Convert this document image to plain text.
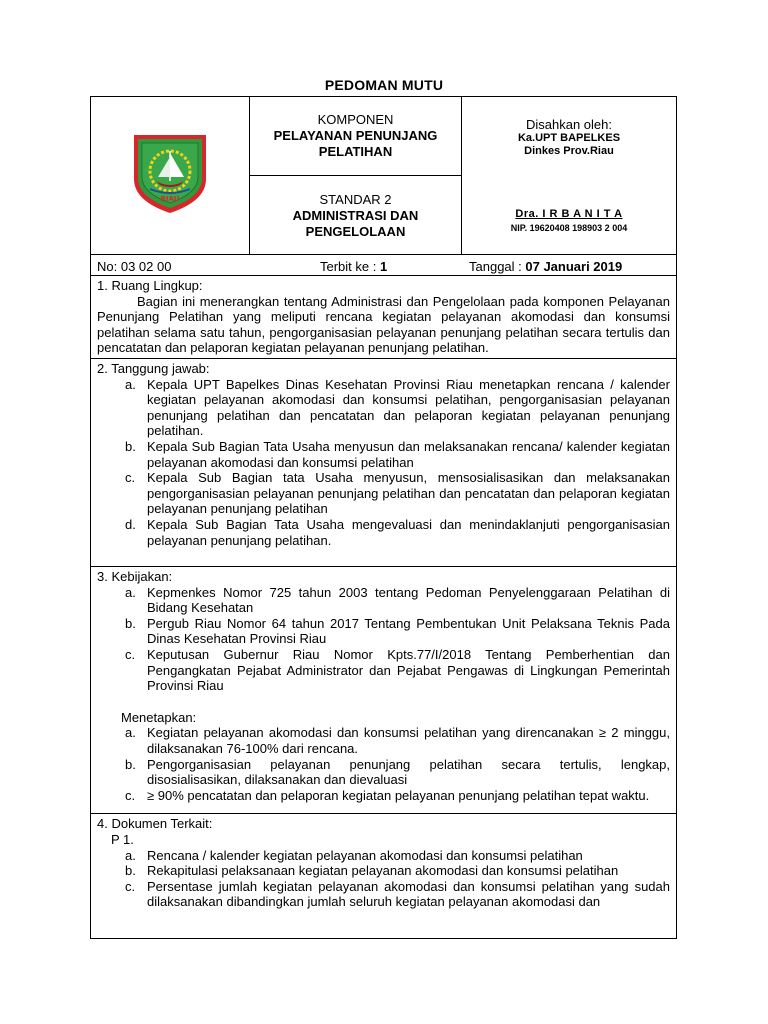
PEDOMAN MUTU
RIAU
KOMPONEN
PELAYANAN PENUNJANG
PELATIHAN
STANDAR 2
ADMINISTRASI DAN
PENGELOLAAN
Disahkan oleh:
Ka.UPT BAPELKES
Dinkes Prov.Riau
Dra. I R B A N I T A
NIP. 19620408 198903 2 004
No: 03 02 00	Terbit ke : 1	Tanggal : 07 Januari 2019
1. Ruang Lingkup:
Bagian ini menerangkan tentang Administrasi dan Pengelolaan pada komponen Pelayanan Penunjang Pelatihan yang meliputi rencana kegiatan pelayanan akomodasi dan konsumsi pelatihan selama satu tahun, pengorganisasian pelayanan penunjang pelatihan secara tertulis dan pencatatan dan pelaporan kegiatan pelayanan penunjang pelatihan.
2. Tanggung jawab:
a. Kepala UPT Bapelkes Dinas Kesehatan Provinsi Riau menetapkan rencana / kalender kegiatan pelayanan akomodasi dan konsumsi pelatihan, pengorganisasian pelayanan penunjang pelatihan dan pencatatan dan pelaporan kegiatan pelayanan penunjang pelatihan.
b. Kepala Sub Bagian Tata Usaha menyusun dan melaksanakan rencana/ kalender kegiatan pelayanan akomodasi dan konsumsi pelatihan
c. Kepala Sub Bagian tata Usaha menyusun, mensosialisasikan dan melaksanakan pengorganisasian pelayanan penunjang pelatihan dan pencatatan dan pelaporan kegiatan pelayanan penunjang pelatihan
d. Kepala Sub Bagian Tata Usaha mengevaluasi dan menindaklanjuti pengorganisasian pelayanan penunjang pelatihan.
3. Kebijakan:
a. Kepmenkes Nomor 725 tahun 2003 tentang Pedoman Penyelenggaraan Pelatihan di Bidang Kesehatan
b. Pergub Riau Nomor 64 tahun 2017 Tentang Pembentukan Unit Pelaksana Teknis Pada Dinas Kesehatan Provinsi Riau
c. Keputusan Gubernur Riau Nomor Kpts.77/I/2018 Tentang Pemberhentian dan Pengangkatan Pejabat Administrator dan Pejabat Pengawas di Lingkungan Pemerintah Provinsi Riau
Menetapkan:
a. Kegiatan pelayanan akomodasi dan konsumsi pelatihan yang direncanakan ≥ 2 minggu, dilaksanakan 76-100% dari rencana.
b. Pengorganisasian pelayanan penunjang pelatihan secara tertulis, lengkap, disosialisasikan, dilaksanakan dan dievaluasi
c. ≥ 90% pencatatan dan pelaporan kegiatan pelayanan penunjang pelatihan tepat waktu.
4. Dokumen Terkait:
P 1.
a. Rencana / kalender kegiatan pelayanan akomodasi dan konsumsi pelatihan
b. Rekapitulasi pelaksanaan kegiatan pelayanan akomodasi dan konsumsi pelatihan
c. Persentase jumlah kegiatan pelayanan akomodasi dan konsumsi pelatihan yang sudah dilaksanakan dibandingkan jumlah seluruh kegiatan pelayanan akomodasi dan
